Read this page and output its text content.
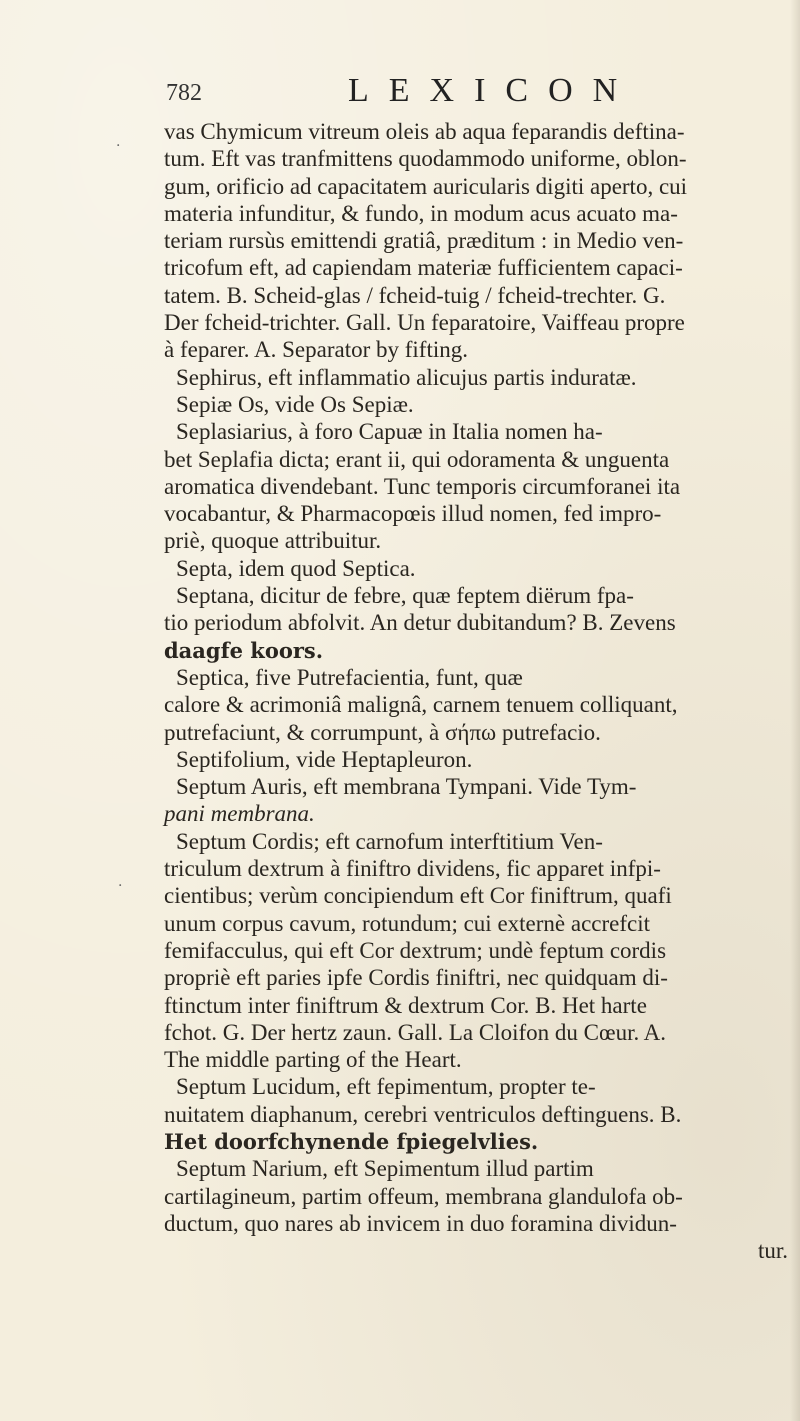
782	LEXICON
·
·
vas Chymicum vitreum oleis ab aqua feparandis deftina-
tum. Eft vas tranfmittens quodammodo uniforme, oblon-
gum, orificio ad capacitatem auricularis digiti aperto, cui
materia infunditur, & fundo, in modum acus acuato ma-
teriam rursùs emittendi gratiâ, præditum : in Medio ven-
tricofum eft, ad capiendam materiæ fufficientem capaci-
tatem. B. Scheid-glas / fcheid-tuig / fcheid-trechter. G.
Der fcheid-trichter. Gall. Un feparatoire, Vaiffeau propre
à feparer. A. Separator by fifting.
Sephirus, eft inflammatio alicujus partis induratæ.
Sepiæ Os, vide Os Sepiæ.
Seplasiarius, à foro Capuæ in Italia nomen ha-
bet Seplafia dicta; erant ii, qui odoramenta & unguenta
aromatica divendebant. Tunc temporis circumforanei ita
vocabantur, & Pharmacopœis illud nomen, fed impro-
priè, quoque attribuitur.
Septa, idem quod Septica.
Septana, dicitur de febre, quæ feptem diërum fpa-
tio periodum abfolvit. An detur dubitandum? B. Zevens
daagfe koors.
Septica, five Putrefacientia, funt, quæ
calore & acrimoniâ malignâ, carnem tenuem colliquant,
putrefaciunt, & corrumpunt, à σήπω putrefacio.
Septifolium, vide Heptapleuron.
Septum Auris, eft membrana Tympani. Vide Tym-
pani membrana.
Septum Cordis; eft carnofum interftitium Ven-
triculum dextrum à finiftro dividens, fic apparet infpi-
cientibus; verùm concipiendum eft Cor finiftrum, quafi
unum corpus cavum, rotundum; cui externè accrefcit
femifacculus, qui eft Cor dextrum; undè feptum cordis
propriè eft paries ipfe Cordis finiftri, nec quidquam di-
ftinctum inter finiftrum & dextrum Cor. B. Het harte
fchot. G. Der hertz zaun. Gall. La Cloifon du Cœur. A.
The middle parting of the Heart.
Septum Lucidum, eft fepimentum, propter te-
nuitatem diaphanum, cerebri ventriculos deftinguens. B.
Het doorfchynende fpiegelvlies.
Septum Narium, eft Sepimentum illud partim
cartilagineum, partim offeum, membrana glandulofa ob-
ductum, quo nares ab invicem in duo foramina dividun-
tur.
